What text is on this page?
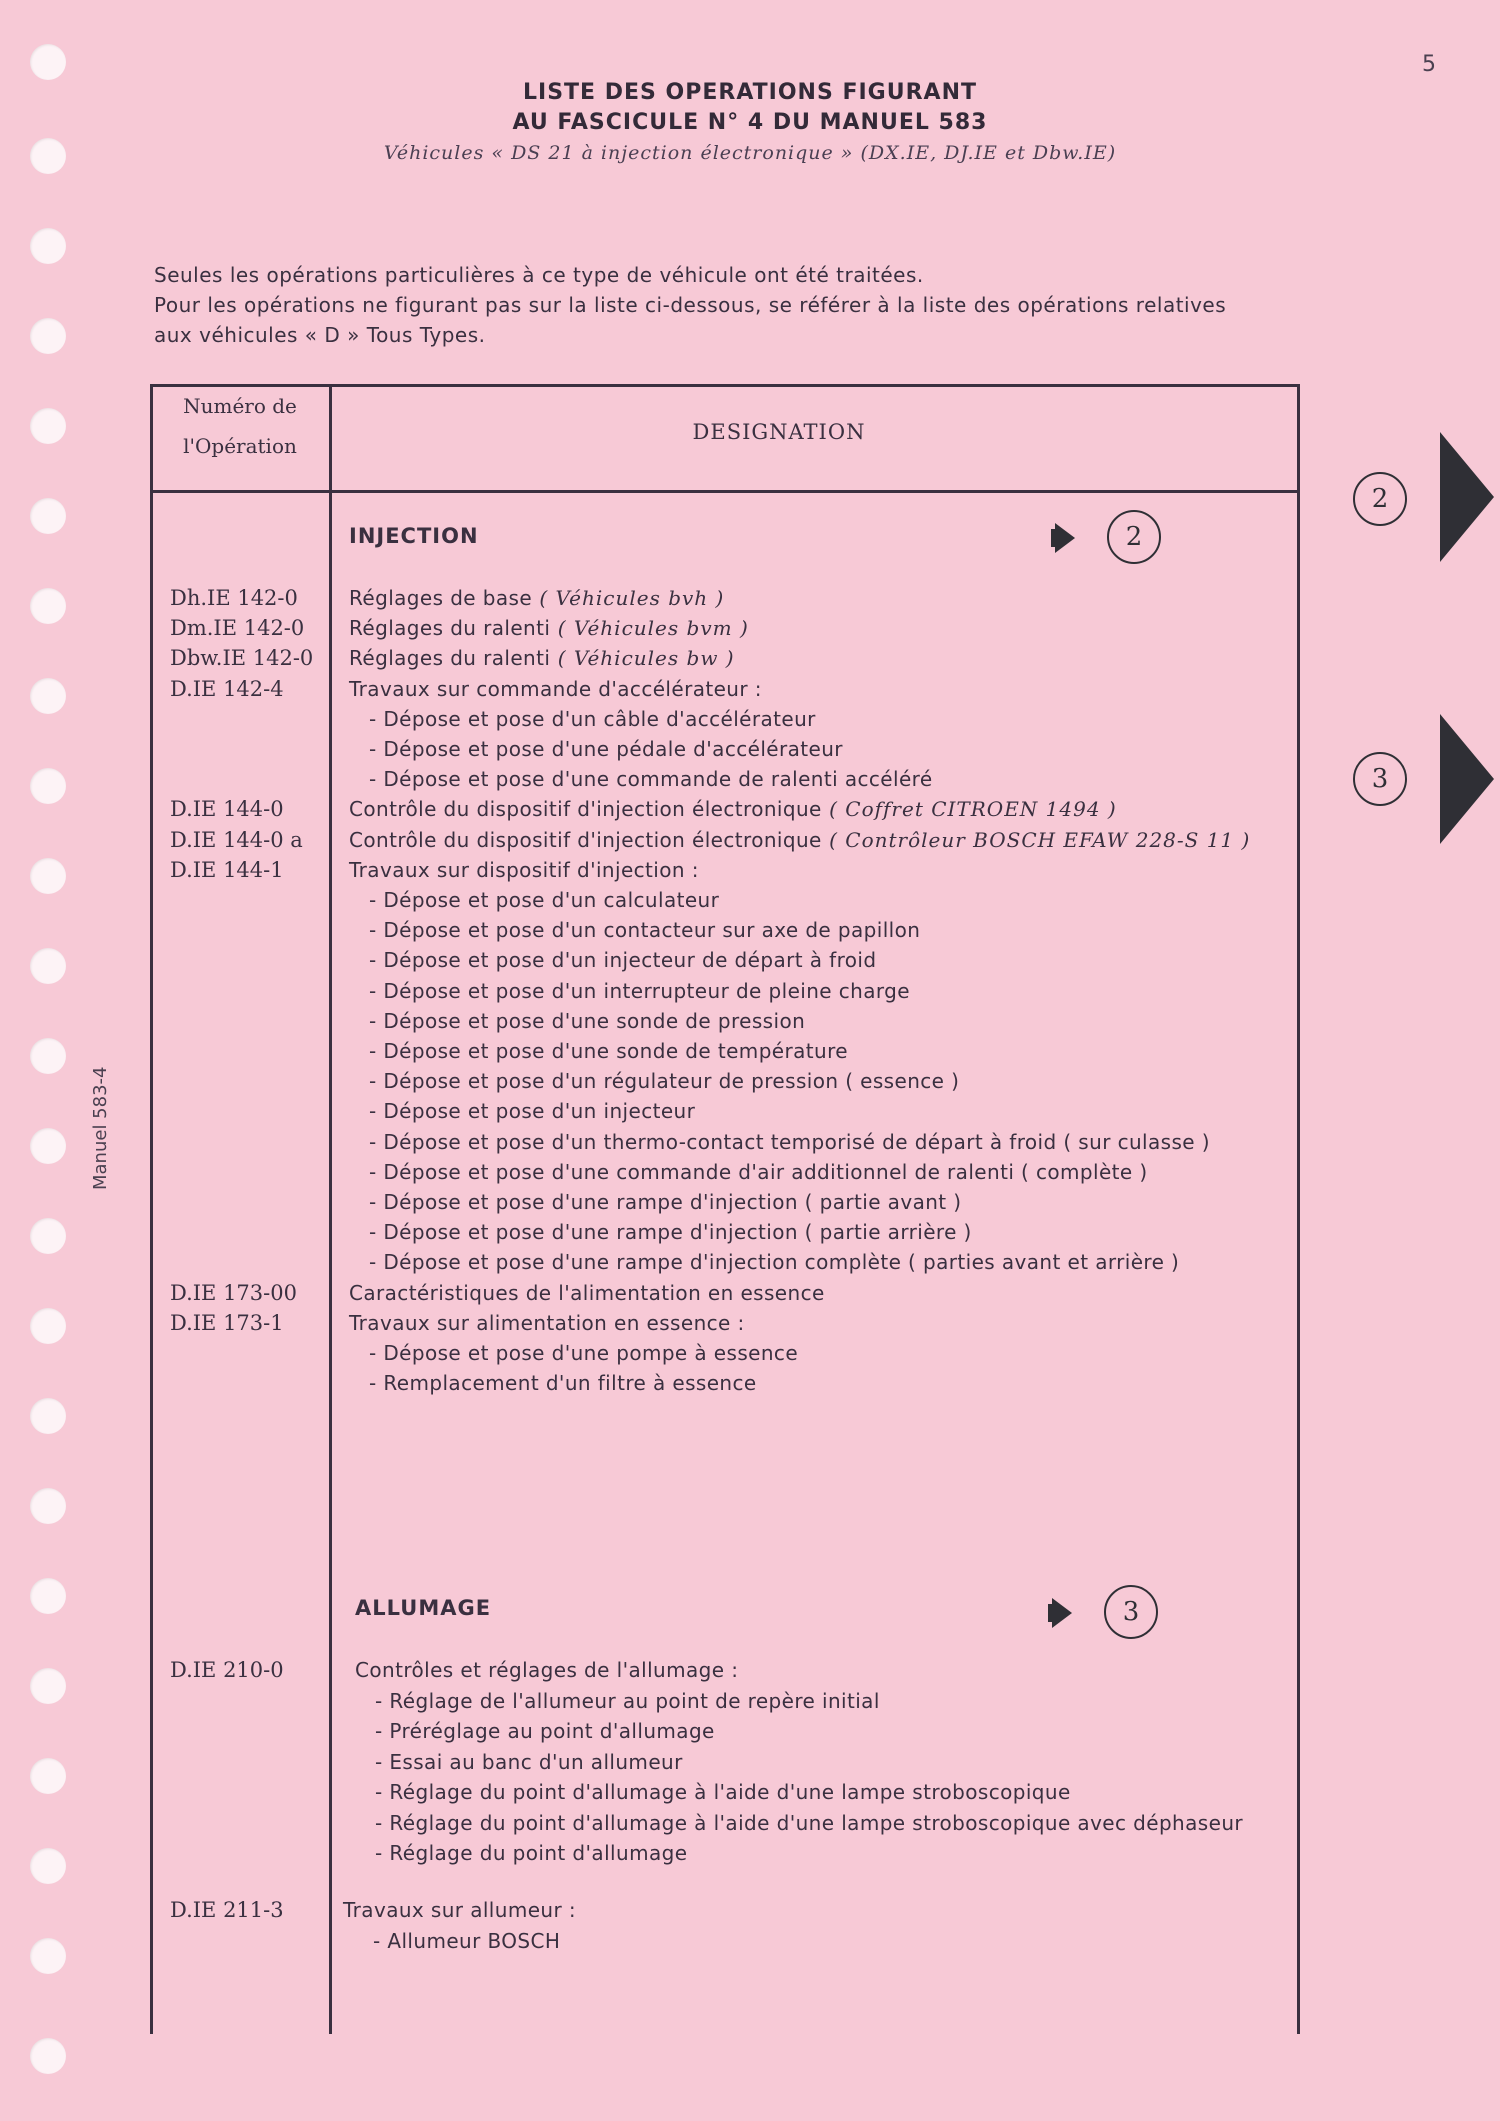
5
LISTE DES OPERATIONS FIGURANT
AU FASCICULE N° 4 DU MANUEL 583
Véhicules « DS 21 à injection électronique » (DX.IE, DJ.IE et Dbw.IE)
Seules les opérations particulières à ce type de véhicule ont été traitées.
Pour les opérations ne figurant pas sur la liste ci-dessous, se référer à la liste des opérations relatives
aux véhicules « D » Tous Types.
Manuel 583-4
Numéro de
l'Opération
DESIGNATION
INJECTION	2
Dh.IE 142-0	Réglages de base ( Véhicules bvh )
Dm.IE 142-0 Réglages du ralenti ( Véhicules bvm )
Dbw.IE 142-0 Réglages du ralenti ( Véhicules bw )
D.IE 142-4	Travaux sur commande d'accélérateur :
- Dépose et pose d'un câble d'accélérateur
- Dépose et pose d'une pédale d'accélérateur
- Dépose et pose d'une commande de ralenti accéléré
D.IE 144-0	Contrôle du dispositif d'injection électronique ( Coffret CITROEN 1494 )
D.IE 144-0 a Contrôle du dispositif d'injection électronique ( Contrôleur BOSCH EFAW 228-S 11 )
D.IE 144-1	Travaux sur dispositif d'injection :
- Dépose et pose d'un calculateur
- Dépose et pose d'un contacteur sur axe de papillon
- Dépose et pose d'un injecteur de départ à froid
- Dépose et pose d'un interrupteur de pleine charge
- Dépose et pose d'une sonde de pression
- Dépose et pose d'une sonde de température
- Dépose et pose d'un régulateur de pression ( essence )
- Dépose et pose d'un injecteur
- Dépose et pose d'un thermo-contact temporisé de départ à froid ( sur culasse )
- Dépose et pose d'une commande d'air additionnel de ralenti ( complète )
- Dépose et pose d'une rampe d'injection ( partie avant )
- Dépose et pose d'une rampe d'injection ( partie arrière )
- Dépose et pose d'une rampe d'injection complète ( parties avant et arrière )
D.IE 173-00	Caractéristiques de l'alimentation en essence
D.IE 173-1	Travaux sur alimentation en essence :
- Dépose et pose d'une pompe à essence
- Remplacement d'un filtre à essence
ALLUMAGE	3
D.IE 210-0	Contrôles et réglages de l'allumage :
- Réglage de l'allumeur au point de repère initial
- Préréglage au point d'allumage
- Essai au banc d'un allumeur
- Réglage du point d'allumage à l'aide d'une lampe stroboscopique
- Réglage du point d'allumage à l'aide d'une lampe stroboscopique avec déphaseur
- Réglage du point d'allumage
D.IE 211-3	Travaux sur allumeur :
- Allumeur BOSCH
2
3
